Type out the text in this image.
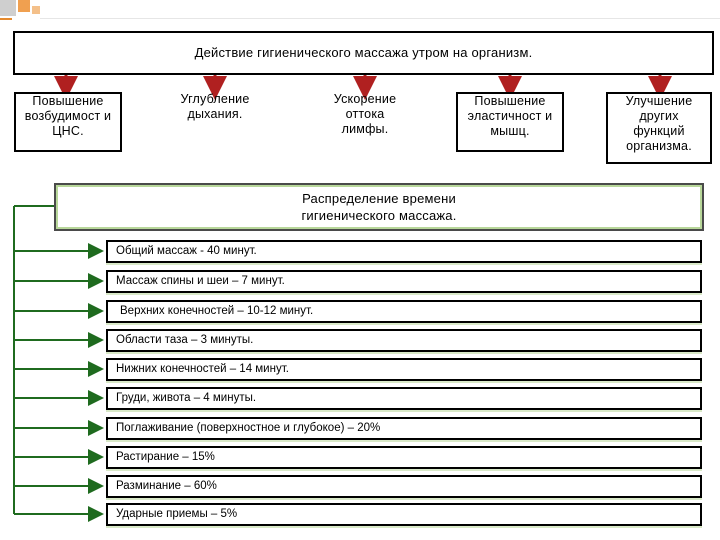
Действие гигиенического массажа утром на организм.
Повышение возбудимост и ЦНС.
Углубление дыхания.
Ускорение оттока лимфы.
Повышение эластичност и мышц.
Улучшение других функций организма.
Распределение времени гигиенического массажа.
Общий массаж - 40 минут.
Массаж спины и шеи – 7 минут.
Верхних конечностей – 10-12 минут.
Области таза – 3 минуты.
Нижних конечностей – 14 минут.
Груди, живота – 4 минуты.
Поглаживание (поверхностное и глубокое) – 20%
Растирание – 15%
Разминание – 60%
Ударные приемы – 5%
